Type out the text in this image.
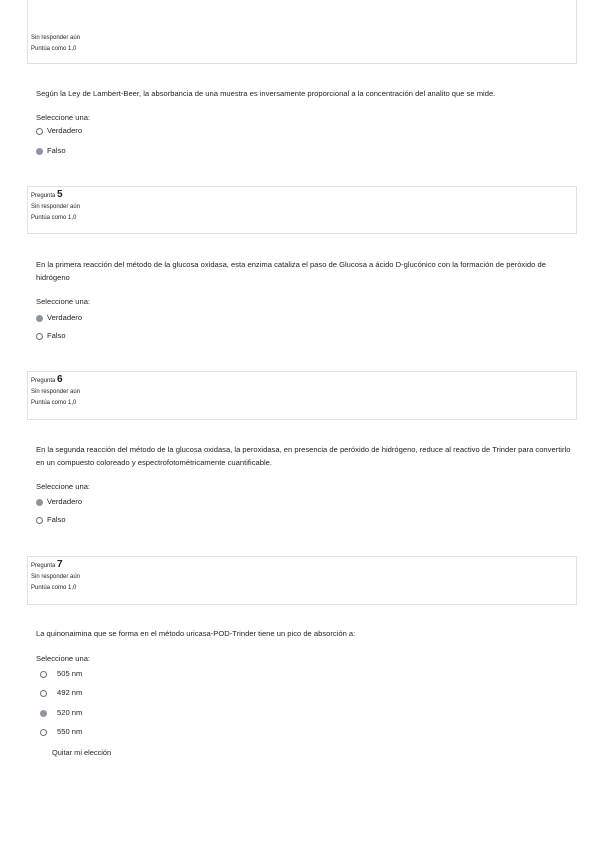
Sin responder aún
Puntúa como 1,0
Según la Ley de Lambert-Beer, la absorbancia de una muestra es inversamente proporcional a la concentración del analito que se mide.
Seleccione una:
Verdadero
Falso
Pregunta 5
Sin responder aún
Puntúa como 1,0
En la primera reacción del método de la glucosa oxidasa, esta enzima cataliza el paso de Glucosa a ácido D-glucónico con la formación de peróxido de hidrógeno
Seleccione una:
Verdadero
Falso
Pregunta 6
Sin responder aún
Puntúa como 1,0
En la segunda reacción del método de la glucosa oxidasa, la peroxidasa, en presencia de peróxido de hidrógeno, reduce al reactivo de Trinder para convertirlo en un compuesto coloreado y espectrofotométricamente cuantificable.
Seleccione una:
Verdadero
Falso
Pregunta 7
Sin responder aún
Puntúa como 1,0
La quinonaimina que se forma en el método uricasa-POD-Trinder tiene un pico de absorción a:
Seleccione una:
505 nm
492 nm
520 nm
550 nm
Quitar mi elección
